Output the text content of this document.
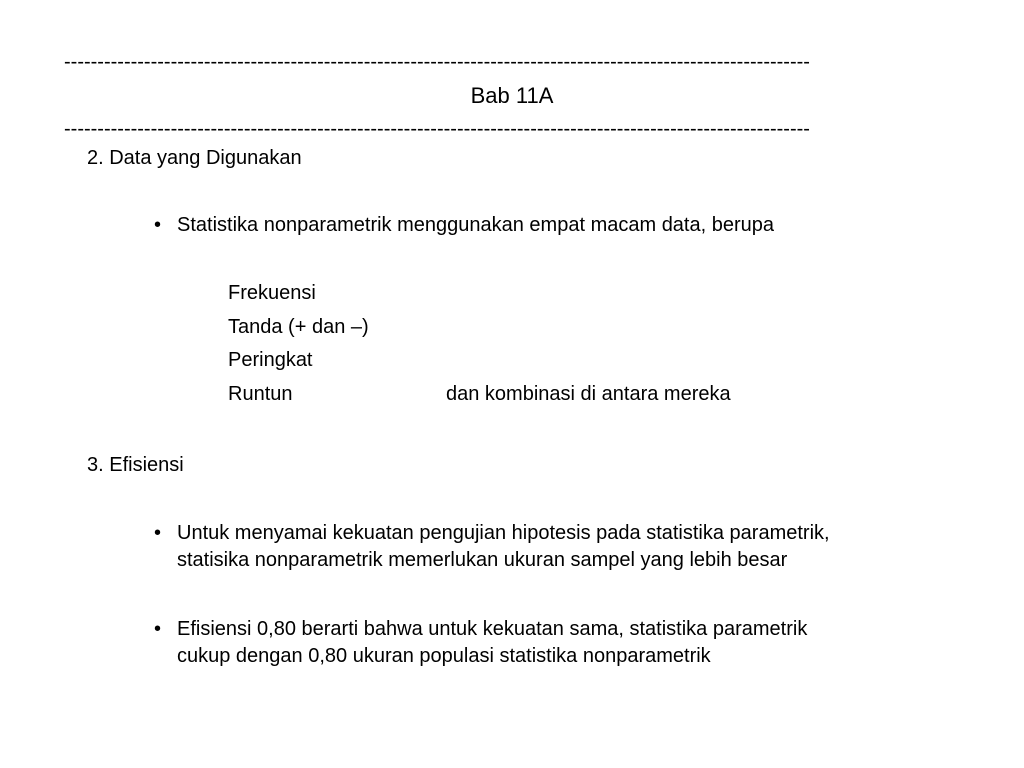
----------------------------------------------------------------------------------------------------------------
Bab 11A
----------------------------------------------------------------------------------------------------------------
2. Data yang Digunakan
• Statistika nonparametrik menggunakan empat macam data, berupa
Frekuensi
Tanda (+ dan –)
Peringkat
Runtun	dan kombinasi di antara mereka
3. Efisiensi
• Untuk menyamai kekuatan pengujian hipotesis pada statistika parametrik,
statisika nonparametrik memerlukan ukuran sampel yang lebih besar
• Efisiensi 0,80 berarti bahwa untuk kekuatan sama, statistika parametrik
cukup dengan 0,80 ukuran populasi statistika nonparametrik
